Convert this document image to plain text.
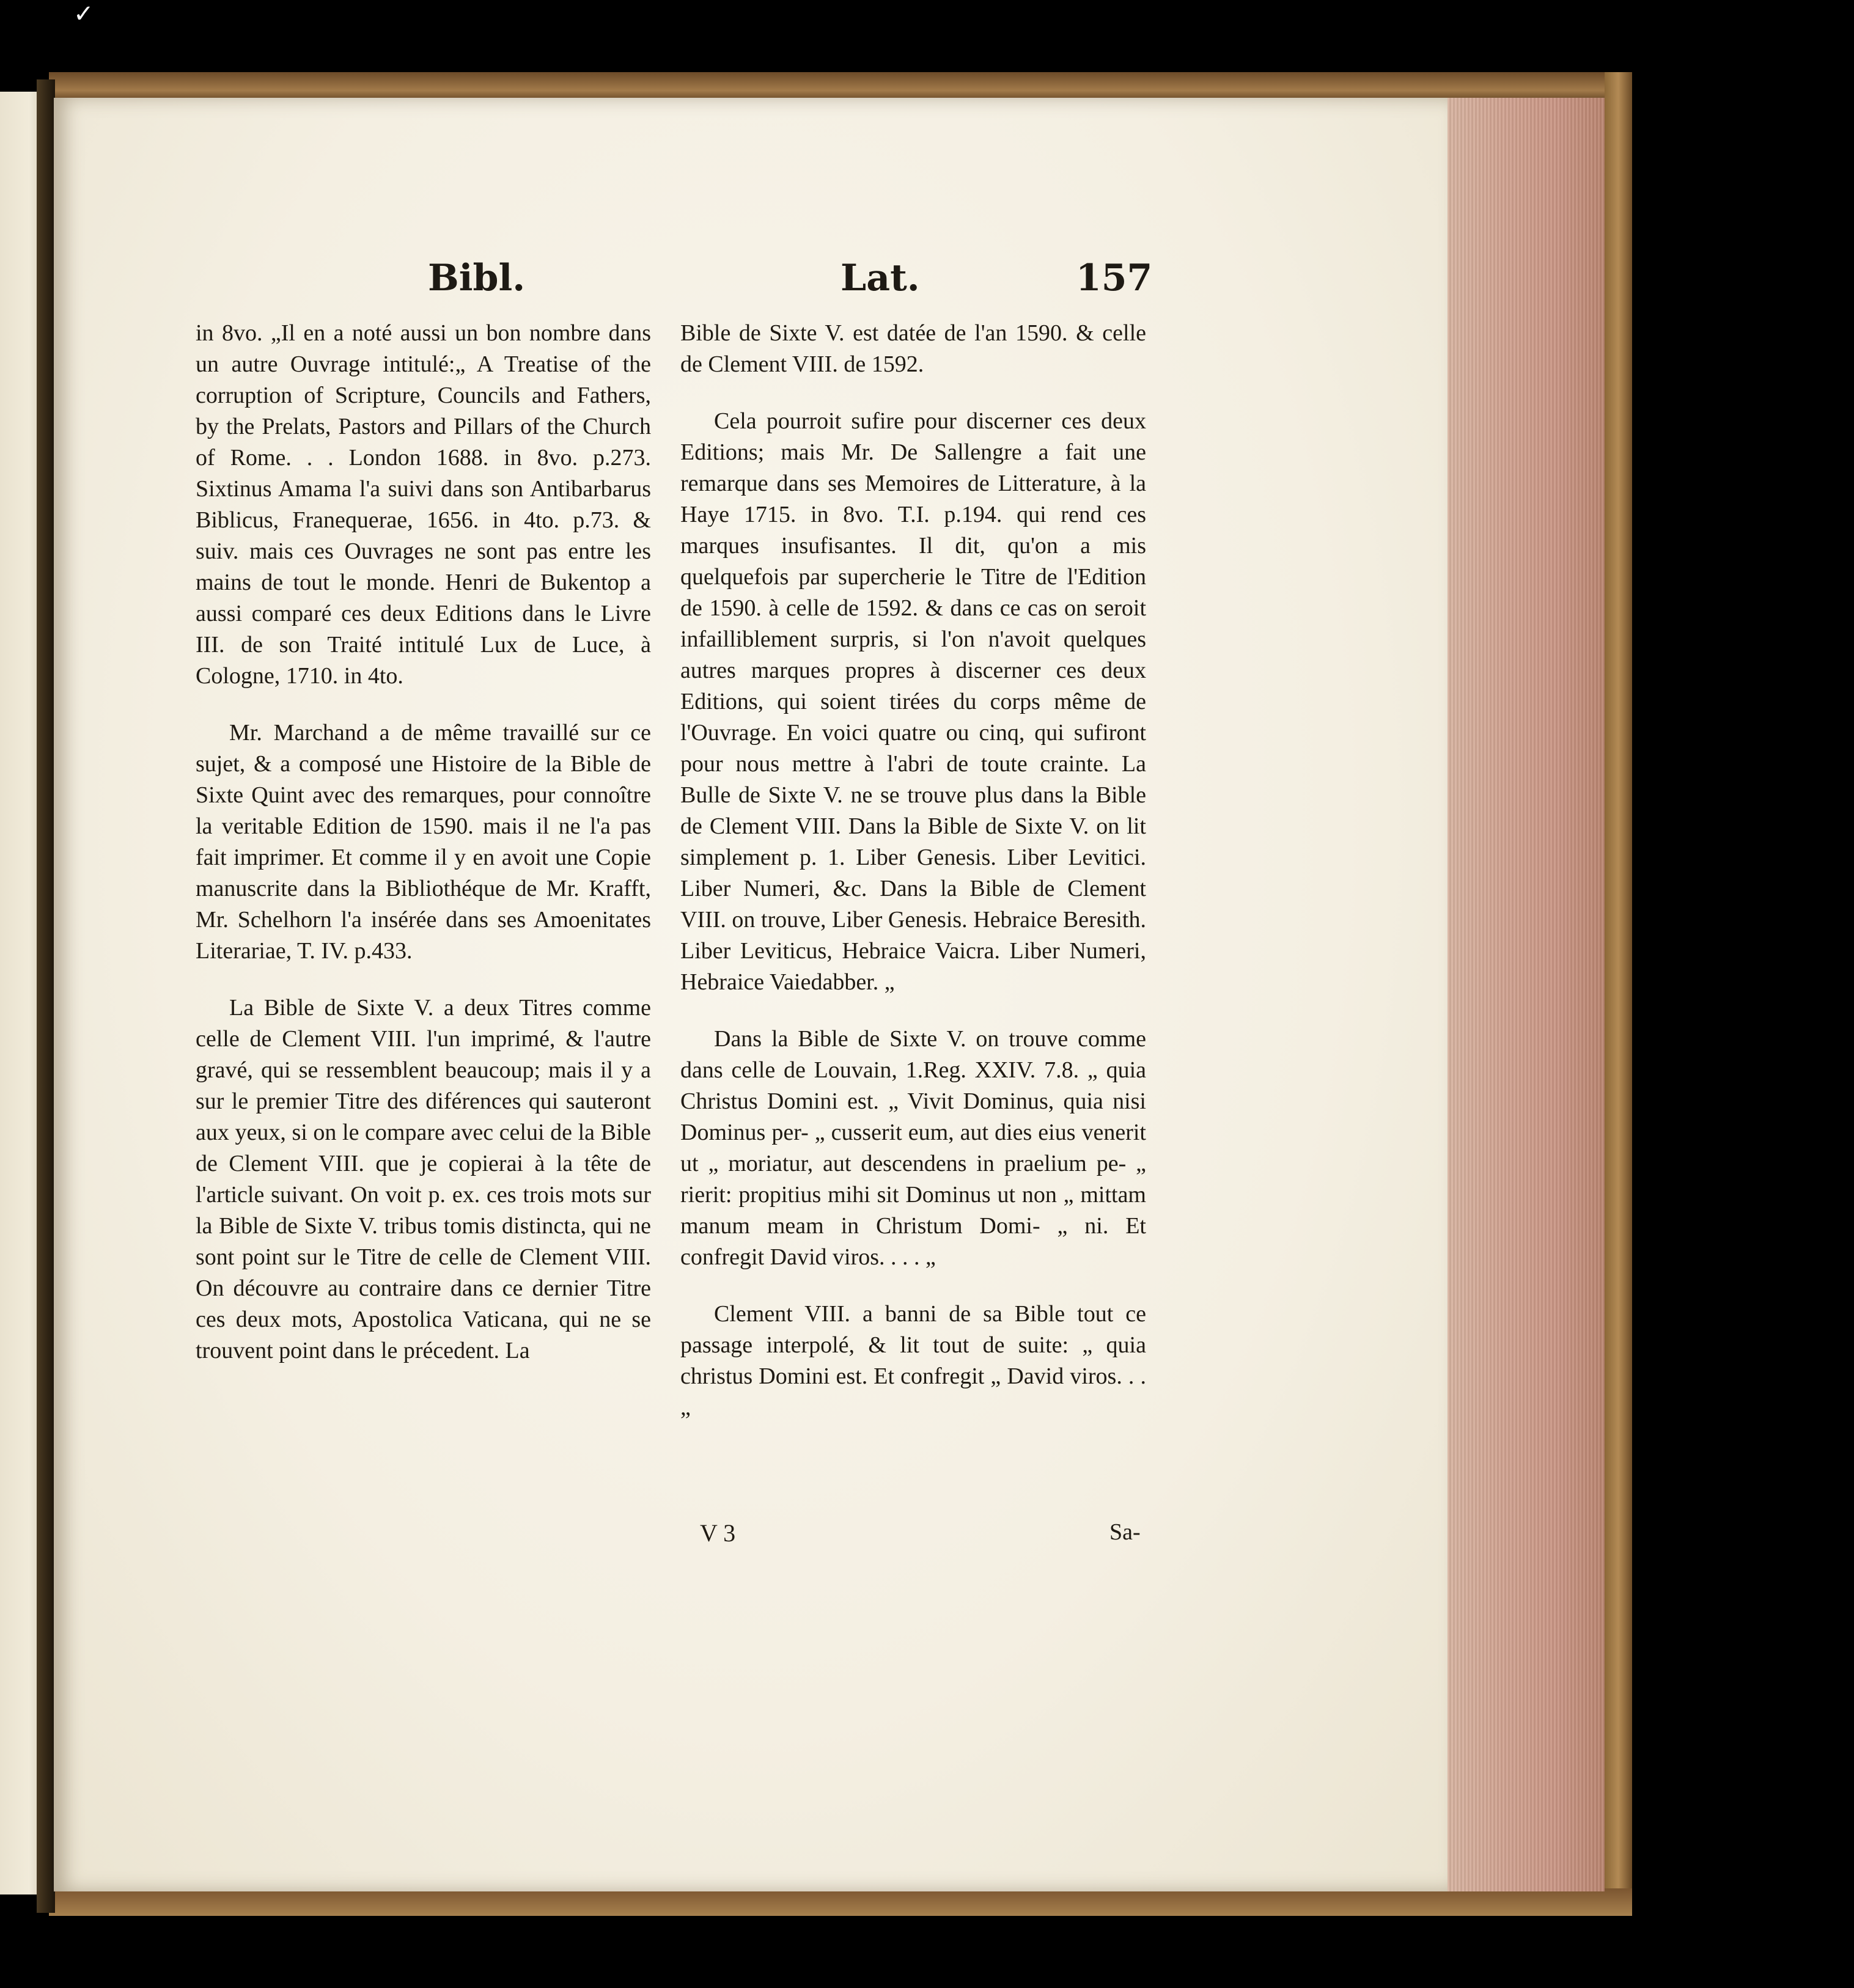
✓
Bibl.	Lat.	157

in 8vo. „Il en a noté aussi un bon nombre dans un autre Ouvrage intitulé:„ A Treatise of the corruption of Scripture, Councils and Fathers, by the Prelats, Pastors and Pillars of the Church of Rome. . . London 1688. in 8vo. p.273. Sixtinus Amama l'a suivi dans son Antibarbarus Biblicus, Franequerae, 1656. in 4to. p.73. & suiv. mais ces Ouvrages ne sont pas entre les mains de tout le monde. Henri de Bukentop a aussi comparé ces deux Editions dans le Livre III. de son Traité intitulé Lux de Luce, à Cologne, 1710. in 4to.

Mr. Marchand a de même travaillé sur ce sujet, & a composé une Histoire de la Bible de Sixte Quint avec des remarques, pour connoître la veritable Edition de 1590. mais il ne l'a pas fait imprimer. Et comme il y en avoit une Copie manuscrite dans la Bibliothéque de Mr. Krafft, Mr. Schelhorn l'a insérée dans ses Amoenitates Literariae, T. IV. p.433.

La Bible de Sixte V. a deux Titres comme celle de Clement VIII. l'un imprimé, & l'autre gravé, qui se ressemblent beaucoup; mais il y a sur le premier Titre des diférences qui sauteront aux yeux, si on le compare avec celui de la Bible de Clement VIII. que je copierai à la tête de l'article suivant. On voit p. ex. ces trois mots sur la Bible de Sixte V. tribus tomis distincta, qui ne sont point sur le Titre de celle de Clement VIII. On découvre au contraire dans ce dernier Titre ces deux mots, Apostolica Vaticana, qui ne se trouvent point dans le précedent. La

Bible de Sixte V. est datée de l'an 1590. & celle de Clement VIII. de 1592.

Cela pourroit sufire pour discerner ces deux Editions; mais Mr. De Sallengre a fait une remarque dans ses Memoires de Litterature, à la Haye 1715. in 8vo. T.I. p.194. qui rend ces marques insufisantes. Il dit, qu'on a mis quelquefois par supercherie le Titre de l'Edition de 1590. à celle de 1592. & dans ce cas on seroit infailliblement surpris, si l'on n'avoit quelques autres marques propres à discerner ces deux Editions, qui soient tirées du corps même de l'Ouvrage. En voici quatre ou cinq, qui sufiront pour nous mettre à l'abri de toute crainte. La Bulle de Sixte V. ne se trouve plus dans la Bible de Clement VIII. Dans la Bible de Sixte V. on lit simplement p. 1. Liber Genesis. Liber Levitici. Liber Numeri, &c. Dans la Bible de Clement VIII. on trouve, Liber Genesis. Hebraice Beresith. Liber Leviticus, Hebraice Vaicra. Liber Numeri, Hebraice Vaiedabber. „

Dans la Bible de Sixte V. on trouve comme dans celle de Louvain, 1.Reg. XXIV. 7.8. „ quia Christus Domini est. „ Vivit Dominus, quia nisi Dominus per- „ cusserit eum, aut dies eius venerit ut „ moriatur, aut descendens in praelium pe- „ rierit: propitius mihi sit Dominus ut non „ mittam manum meam in Christum Domi- „ ni. Et confregit David viros. . . . „

Clement VIII. a banni de sa Bible tout ce passage interpolé, & lit tout de suite: „ quia christus Domini est. Et confregit „ David viros. . . „

V 3	Sa-
